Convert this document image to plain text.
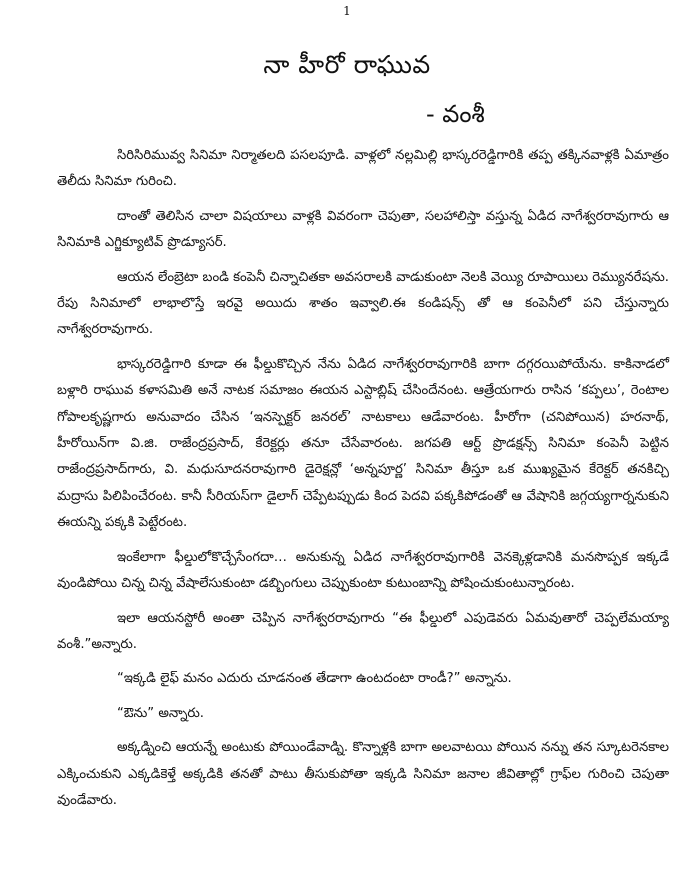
1
నా హీరో రాఘువ
- వంశీ

సిరిసిరిమువ్వ సినిమా నిర్మాతలది పసలపూడి. వాళ్లలో నల్లమిల్లి భాస్కరరెడ్డిగారికి తప్ప తక్కినవాళ్లకి ఏమాత్రం తెలీదు సినిమా గురించి.

దాంతో తెలిసిన చాలా విషయాలు వాళ్లకి వివరంగా చెపుతా, సలహాలిస్తా వస్తున్న ఏడిద నాగేశ్వరరావుగారు ఆ సినిమాకి ఎగ్జిక్యూటివ్ ప్రొడ్యూసర్.

ఆయన లేంబ్రెటా బండి కంపెనీ చిన్నాచితకా అవసరాలకి వాడుకుంటా నెలకి వెయ్యి రూపాయిలు రెమ్యునరేషను. రేపు సినిమాలో లాభాలొస్తే ఇరవై అయిదు శాతం ఇవ్వాలి.ఈ కండిషన్స్ తో ఆ కంపెనీలో పని చేస్తున్నారు నాగేశ్వరరావుగారు.

భాస్కరరెడ్డిగారి కూడా ఈ ఫీల్డుకొచ్చిన నేను ఏడిద నాగేశ్వరరావుగారికి బాగా దగ్గరయిపోయేను. కాకినాడలో బళ్లారి రాఘువ కళాసమితి అనే నాటక సమాజం ఈయన ఎస్టాబ్లిష్ చేసిందేనంట. ఆత్రేయగారు రాసిన ‘కప్పలు’, రెంటాల గోపాలకృష్ణగారు అనువాదం చేసిన ‘ఇనస్పెక్టర్ జనరల్’ నాటకాలు ఆడేవారంట. హీరోగా (చనిపోయిన) హరనాథ్, హీరోయిన్‌గా వి.జి. రాజేంద్రప్రసాద్, కేరెక్టర్లు తనూ చేసేవారంట. జగపతి ఆర్ట్ ప్రొడక్షన్స్ సినిమా కంపెనీ పెట్టిన రాజేంద్రప్రసాద్‌గారు, వి. మధుసూదనరావుగారి డైరెక్షన్లో ‘అన్నపూర్ణ’ సినిమా తీస్తూ ఒక ముఖ్యమైన కేరెక్టర్ తనకిచ్చి మద్రాసు పిలిపించేరంట. కానీ సీరియస్‌గా డైలాగ్ చెప్పేటప్పుడు కింద పెదవి పక్కకిపోడంతో ఆ వేషానికి జగ్గయ్యగార్ననుకుని ఈయన్ని పక్కకి పెట్టేరంట.

ఇంకేలాగా ఫీల్డులోకొచ్చేసేంగదా… అనుకున్న ఏడిద నాగేశ్వరరావుగారికి వెనక్కెళ్లడానికి మనసొప్పక ఇక్కడే వుండిపోయి చిన్న చిన్న వేషాలేసుకుంటా డబ్బింగులు చెప్పుకుంటా కుటుంబాన్ని పోషించుకుంటున్నారంట.

ఇలా ఆయనస్టోరీ అంతా చెప్పిన నాగేశ్వరరావుగారు “ఈ ఫీల్డులో ఎపుడెవరు ఏమవుతారో చెప్పలేమయ్యా వంశీ.”అన్నారు.

“ఇక్కడి లైఫ్ మనం ఎదురు చూడనంత తేడాగా ఉంటదంటా రాండీ?” అన్నాను.

“ఔను” అన్నారు.

అక్కడ్నించి ఆయన్నే అంటుకు పోయిండేవాడ్ని. కొన్నాళ్లకి బాగా అలవాటయి పోయిన నన్ను తన స్కూటరెనకాల ఎక్కించుకుని ఎక్కడికెళ్తే అక్కడికి తనతో పాటు తీసుకుపోతా ఇక్కడి సినిమా జనాల జీవితాల్లో గ్రాఫ్‌ల గురించి చెపుతా వుండేవారు.
